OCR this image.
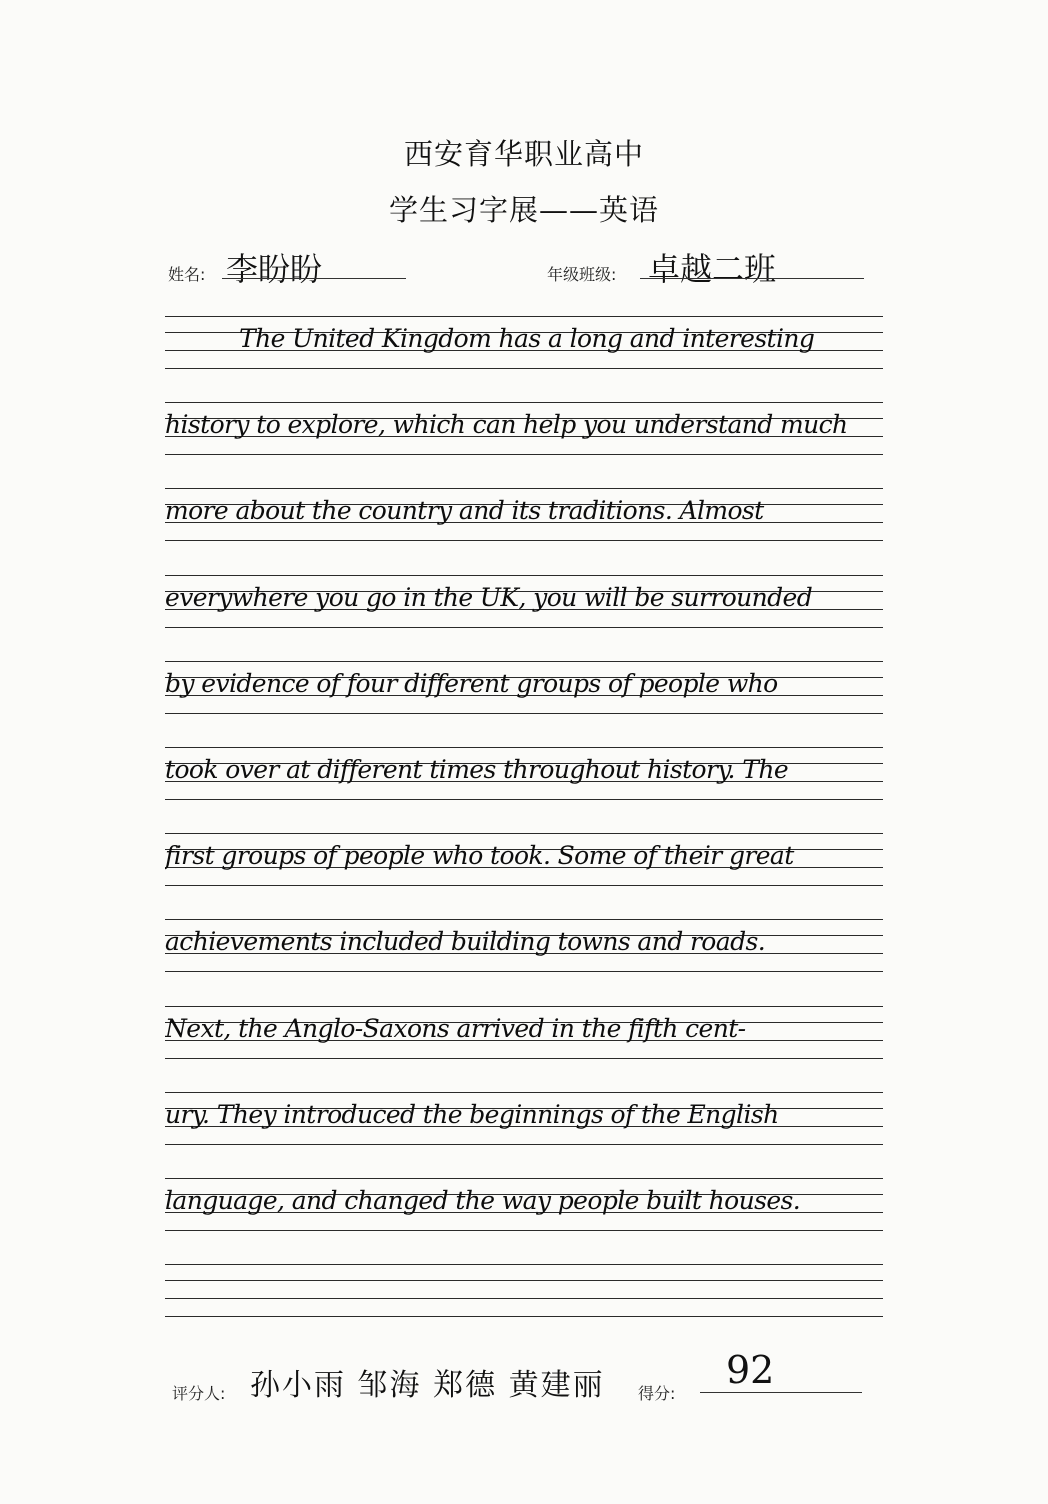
西安育华职业高中
学生习字展——英语
姓名: 李盼盼	年级班级: 卓越二班
The United Kingdom has a long and interesting
history to explore, which can help you understand much
more about the country and its traditions. Almost
everywhere you go in the UK, you will be surrounded
by evidence of four different groups of people who
took over at different times throughout history. The
first groups of people who took. Some of their great
achievements included building towns and roads.
Next, the Anglo-Saxons arrived in the fifth cent-
ury. They introduced the beginnings of the English
language, and changed the way people built houses.
评分人: 孙小雨 邹海 郑德 黄建丽 得分:
92
